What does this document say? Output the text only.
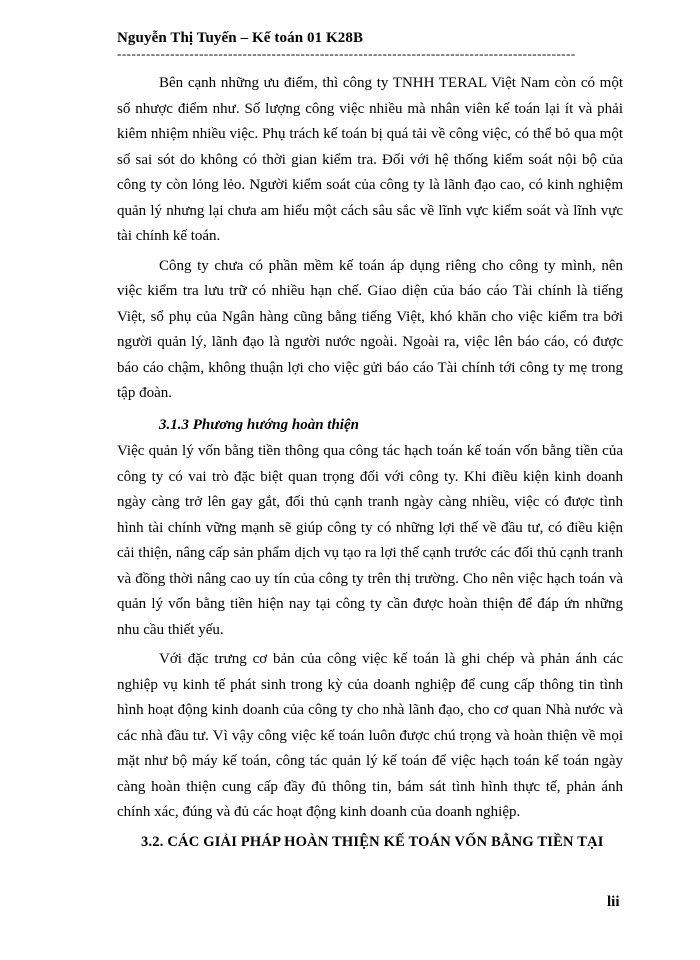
Nguyễn Thị Tuyến – Kế toán 01 K28B
-----------------------------------------------------------------------------------------------

Bên cạnh những ưu điểm, thì công ty TNHH TERAL Việt Nam còn có một số nhược điểm như. Số lượng công việc nhiều mà nhân viên kế toán lại ít và phải kiêm nhiệm nhiều việc. Phụ trách kế toán bị quá tải về công việc, có thể bỏ qua một số sai sót do không có thời gian kiểm tra. Đối với hệ thống kiểm soát nội bộ của công ty còn lỏng lẻo. Người kiểm soát của công ty là lãnh đạo cao, có kinh nghiệm quản lý nhưng lại chưa am hiểu một cách sâu sắc về lĩnh vực kiểm soát và lĩnh vực tài chính kế toán.

Công ty chưa có phần mềm kế toán áp dụng riêng cho công ty mình, nên việc kiểm tra lưu trữ có nhiều hạn chế. Giao diện của báo cáo Tài chính là tiếng Việt, sổ phụ của Ngân hàng cũng bằng tiếng Việt, khó khăn cho việc kiểm tra bởi người quản lý, lãnh đạo là người nước ngoài. Ngoài ra, việc lên báo cáo, có được báo cáo chậm, không thuận lợi cho việc gửi báo cáo Tài chính tới công ty mẹ trong tập đoàn.

3.1.3 Phương hướng hoàn thiện

Việc quản lý vốn bằng tiền thông qua công tác hạch toán kế toán vốn bằng tiền của công ty có vai trò đặc biệt quan trọng đối với công ty. Khi điều kiện kinh doanh ngày càng trở lên gay gắt, đối thủ cạnh tranh ngày càng nhiều, việc có được tình hình tài chính vững mạnh sẽ giúp công ty có những lợi thế về đầu tư, có điều kiện cải thiện, nâng cấp sản phẩm dịch vụ tạo ra lợi thế cạnh trước các đối thủ cạnh tranh và đồng thời nâng cao uy tín của công ty trên thị trường. Cho nên việc hạch toán và quản lý vốn bằng tiền hiện nay tại công ty cần được hoàn thiện để đáp ứn những nhu cầu thiết yếu.

Với đặc trưng cơ bản của công việc kế toán là ghi chép và phản ánh các nghiệp vụ kinh tế phát sinh trong kỳ của doanh nghiệp để cung cấp thông tin tình hình hoạt động kinh doanh của công ty cho nhà lãnh đạo, cho cơ quan Nhà nước và các nhà đầu tư. Vì vậy công việc kế toán luôn được chú trọng và hoàn thiện về mọi mặt như bộ máy kế toán, công tác quản lý kế toán để việc hạch toán kế toán ngày càng hoàn thiện cung cấp đầy đủ thông tin, bám sát tình hình thực tế, phản ánh chính xác, đúng và đủ các hoạt động kinh doanh của doanh nghiệp.

3.2. CÁC GIẢI PHÁP HOÀN THIỆN KẾ TOÁN VỐN BẰNG TIỀN TẠI
lii
